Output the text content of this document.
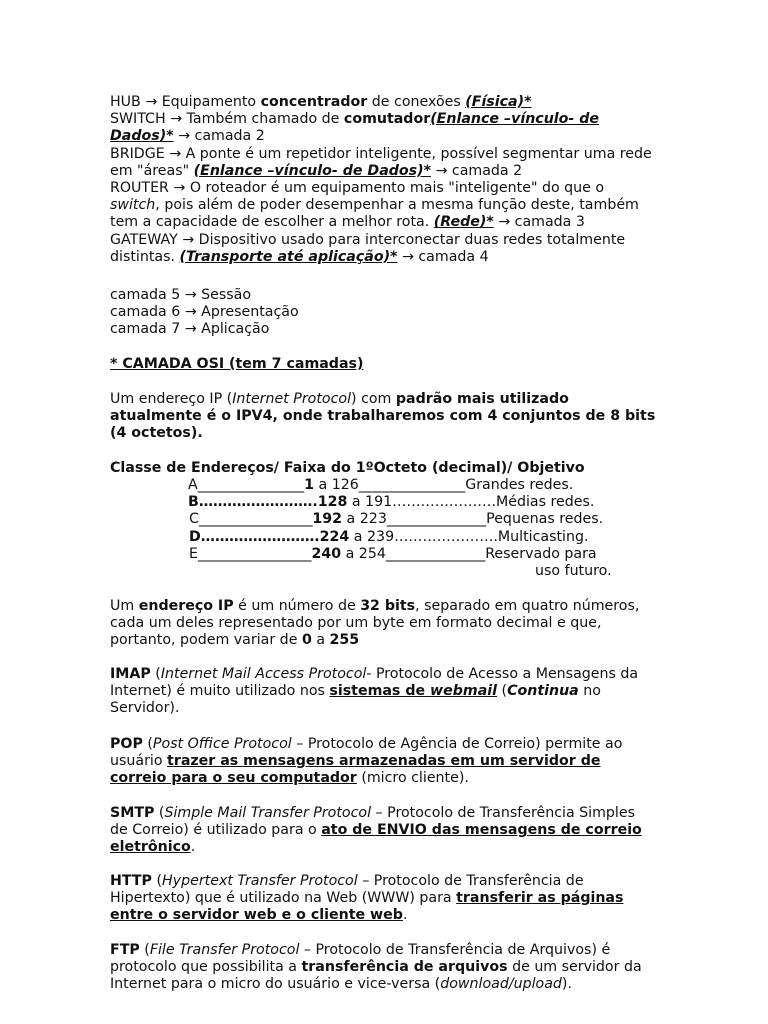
HUB → Equipamento concentrador de conexões (Física)*
SWITCH → Também chamado de comutador(Enlance –vínculo- de
Dados)* → camada 2
BRIDGE → A ponte é um repetidor inteligente, possível segmentar uma rede
em "áreas" (Enlance –vínculo- de Dados)* → camada 2
ROUTER → O roteador é um equipamento mais "inteligente" do que o
switch, pois além de poder desempenhar a mesma função deste, também
tem a capacidade de escolher a melhor rota. (Rede)* → camada 3
GATEWAY → Dispositivo usado para interconectar duas redes totalmente
distintas. (Transporte até aplicação)* → camada 4
camada 5 → Sessão
camada 6 → Apresentação
camada 7 → Aplicação
* CAMADA OSI (tem 7 camadas)
Um endereço IP (Internet Protocol) com padrão mais utilizado
atualmente é o IPV4, onde trabalharemos com 4 conjuntos de 8 bits
(4 octetos).
Classe de Endereços/ Faixa do 1ºOcteto (decimal)/ Objetivo
A_______________1 a 126_______________Grandes redes.
B…………………….128 a 191………………….Médias redes.
C________________192 a 223______________Pequenas redes.
D…………………….224 a 239………………….Multicasting.
E________________240 a 254______________Reservado para
uso futuro.
Um endereço IP é um número de 32 bits, separado em quatro números,
cada um deles representado por um byte em formato decimal e que,
portanto, podem variar de 0 a 255
IMAP (Internet Mail Access Protocol- Protocolo de Acesso a Mensagens da
Internet) é muito utilizado nos sistemas de webmail (Continua no
Servidor).
POP (Post Office Protocol – Protocolo de Agência de Correio) permite ao
usuário trazer as mensagens armazenadas em um servidor de
correio para o seu computador (micro cliente).
SMTP (Simple Mail Transfer Protocol – Protocolo de Transferência Simples
de Correio) é utilizado para o ato de ENVIO das mensagens de correio
eletrônico.
HTTP (Hypertext Transfer Protocol – Protocolo de Transferência de
Hipertexto) que é utilizado na Web (WWW) para transferir as páginas
entre o servidor web e o cliente web.
FTP (File Transfer Protocol – Protocolo de Transferência de Arquivos) é
protocolo que possibilita a transferência de arquivos de um servidor da
Internet para o micro do usuário e vice-versa (download/upload).
